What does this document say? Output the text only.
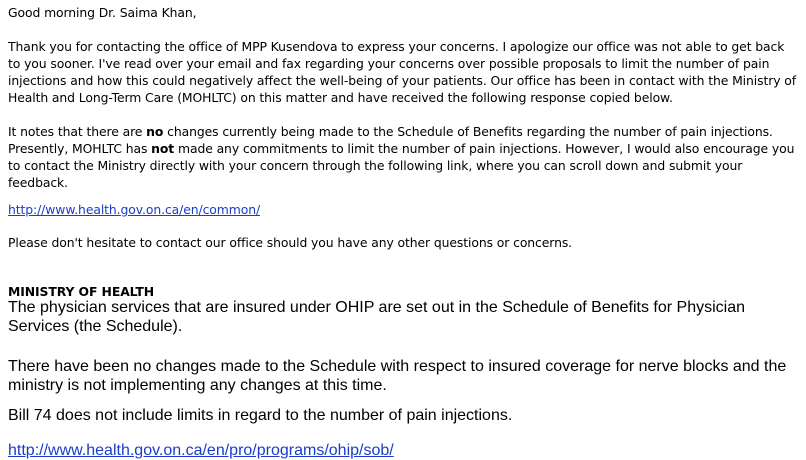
Good morning Dr. Saima Khan,

Thank you for contacting the office of MPP Kusendova to express your concerns. I apologize our office was not able to get back to you sooner. I've read over your email and fax regarding your concerns over possible proposals to limit the number of pain injections and how this could negatively affect the well-being of your patients. Our office has been in contact with the Ministry of Health and Long-Term Care (MOHLTC) on this matter and have received the following response copied below.

It notes that there are no changes currently being made to the Schedule of Benefits regarding the number of pain injections. Presently, MOHLTC has not made any commitments to limit the number of pain injections. However, I would also encourage you to contact the Ministry directly with your concern through the following link, where you can scroll down and submit your feedback.

http://www.health.gov.on.ca/en/common/

Please don't hesitate to contact our office should you have any other questions or concerns.

MINISTRY OF HEALTH

The physician services that are insured under OHIP are set out in the Schedule of Benefits for Physician Services (the Schedule).

There have been no changes made to the Schedule with respect to insured coverage for nerve blocks and the ministry is not implementing any changes at this time.

Bill 74 does not include limits in regard to the number of pain injections.

http://www.health.gov.on.ca/en/pro/programs/ohip/sob/
